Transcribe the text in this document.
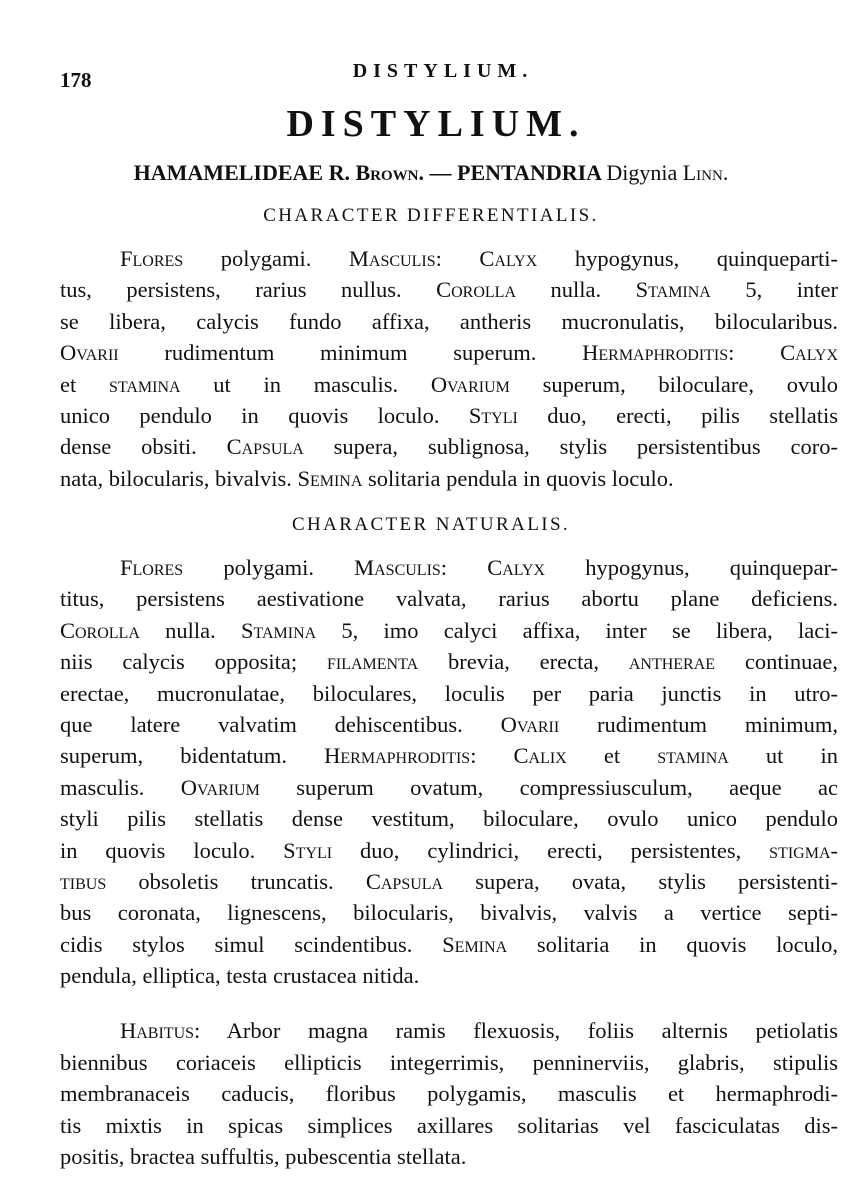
178	DISTYLIUM.
DISTYLIUM.
HAMAMELIDEAE R. Brown. — PENTANDRIA Digynia Linn.
CHARACTER DIFFERENTIALIS.
Flores polygami. Masculis: Calyx hypogynus, quinqueparti-
tus, persistens, rarius nullus. Corolla nulla. Stamina 5, inter
se libera, calycis fundo affixa, antheris mucronulatis, bilocularibus.
Ovarii rudimentum minimum superum. Hermaphroditis: Calyx
et stamina ut in masculis. Ovarium superum, biloculare, ovulo
unico pendulo in quovis loculo. Styli duo, erecti, pilis stellatis
dense obsiti. Capsula supera, sublignosa, stylis persistentibus coro-
nata, bilocularis, bivalvis. Semina solitaria pendula in quovis loculo.
CHARACTER NATURALIS.
Flores polygami. Masculis: Calyx hypogynus, quinquepar-
titus, persistens aestivatione valvata, rarius abortu plane deficiens.
Corolla nulla. Stamina 5, imo calyci affixa, inter se libera, laci-
niis calycis opposita; filamenta brevia, erecta, antherae continuae,
erectae, mucronulatae, biloculares, loculis per paria junctis in utro-
que latere valvatim dehiscentibus. Ovarii rudimentum minimum,
superum, bidentatum. Hermaphroditis: Calix et stamina ut in
masculis. Ovarium superum ovatum, compressiusculum, aeque ac
styli pilis stellatis dense vestitum, biloculare, ovulo unico pendulo
in quovis loculo. Styli duo, cylindrici, erecti, persistentes, stigma-
tibus obsoletis truncatis. Capsula supera, ovata, stylis persistenti-
bus coronata, lignescens, bilocularis, bivalvis, valvis a vertice septi-
cidis stylos simul scindentibus. Semina solitaria in quovis loculo,
pendula, elliptica, testa crustacea nitida.
Habitus: Arbor magna ramis flexuosis, foliis alternis petiolatis
biennibus coriaceis ellipticis integerrimis, penninerviis, glabris, stipulis
membranaceis caducis, floribus polygamis, masculis et hermaphrodi-
tis mixtis in spicas simplices axillares solitarias vel fasciculatas dis-
positis, bractea suffultis, pubescentia stellata.
